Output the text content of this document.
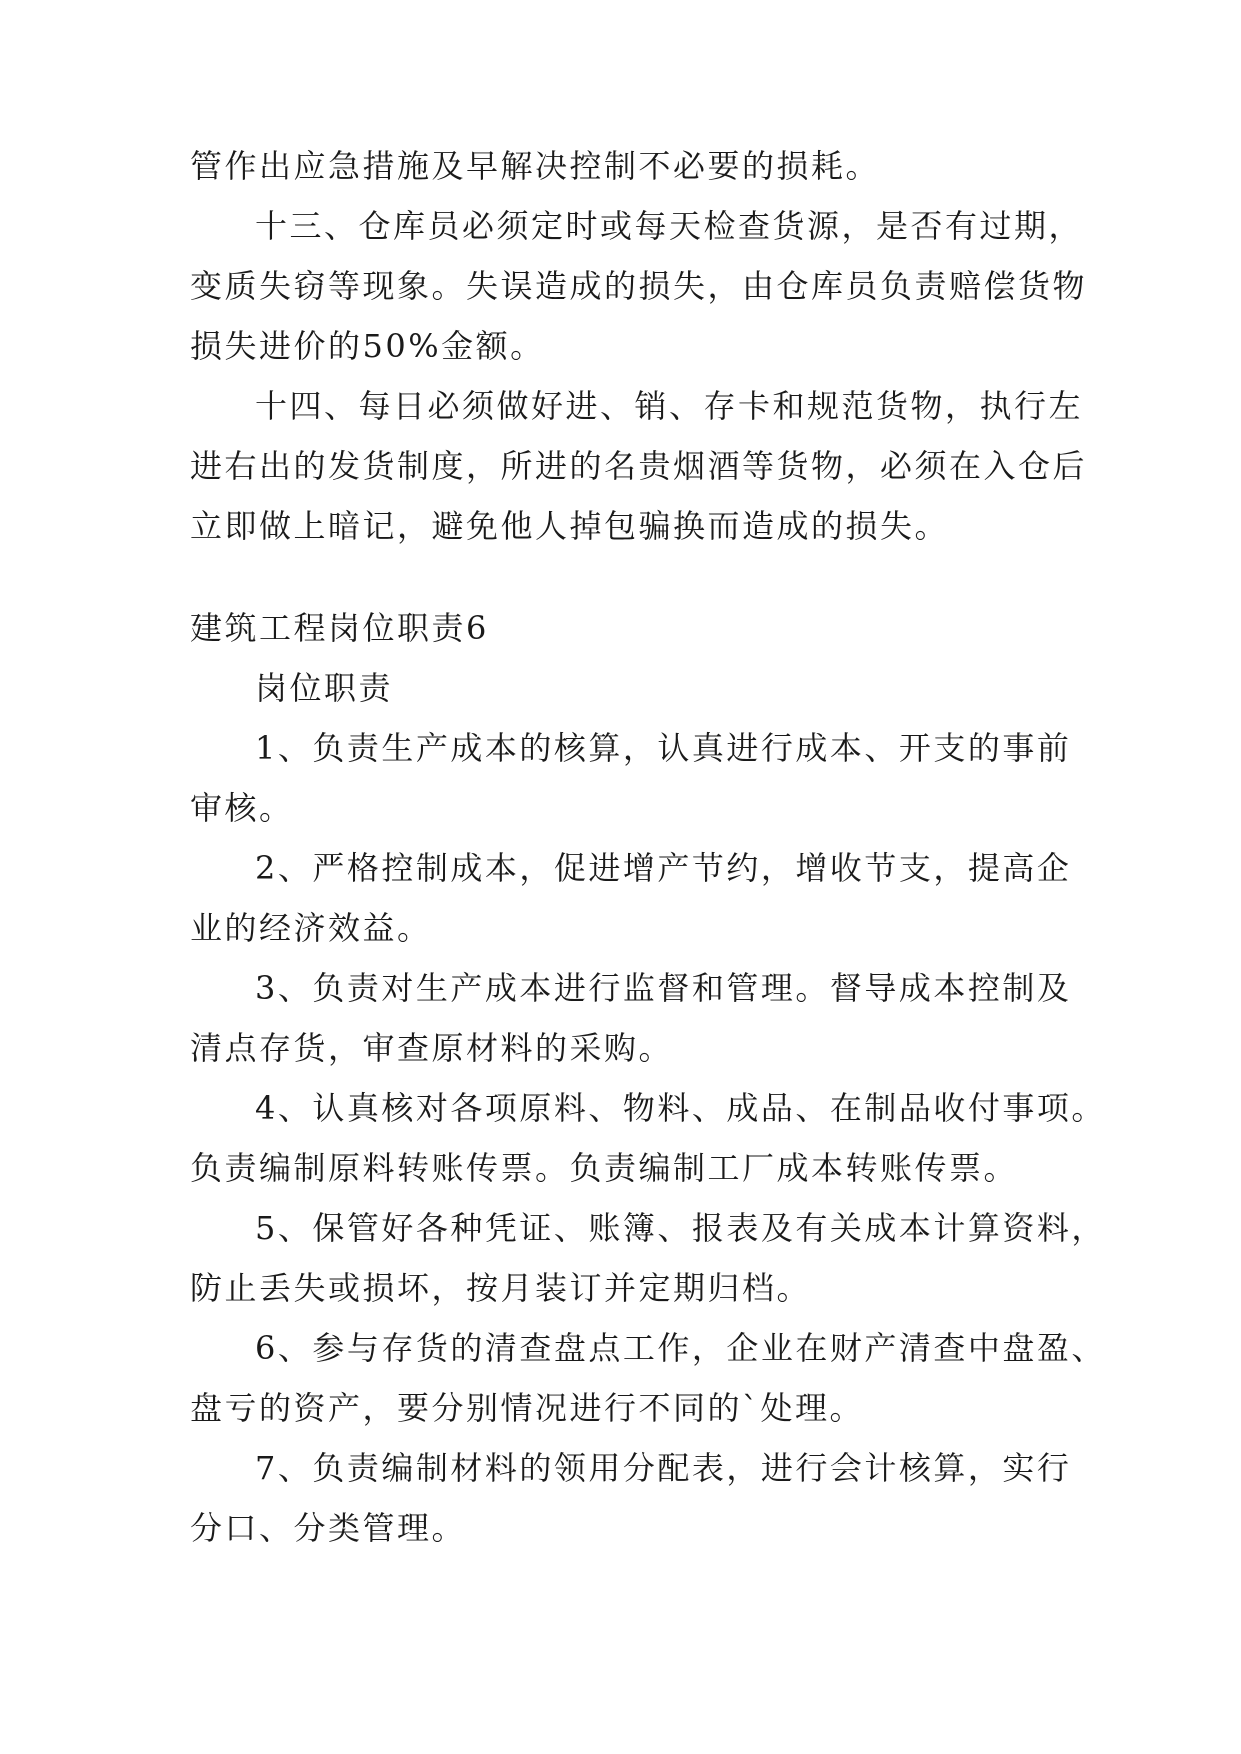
管作出应急措施及早解决控制不必要的损耗。
十三、仓库员必须定时或每天检查货源，是否有过期，
变质失窃等现象。失误造成的损失，由仓库员负责赔偿货物
损失进价的50%金额。
十四、每日必须做好进、销、存卡和规范货物，执行左
进右出的发货制度，所进的名贵烟酒等货物，必须在入仓后
立即做上暗记，避免他人掉包骗换而造成的损失。
建筑工程岗位职责6
岗位职责
1、负责生产成本的核算，认真进行成本、开支的事前
审核。
2、严格控制成本，促进增产节约，增收节支，提高企
业的经济效益。
3、负责对生产成本进行监督和管理。督导成本控制及
清点存货，审查原材料的采购。
4、认真核对各项原料、物料、成品、在制品收付事项。
负责编制原料转账传票。负责编制工厂成本转账传票。
5、保管好各种凭证、账簿、报表及有关成本计算资料，
防止丢失或损坏，按月装订并定期归档。
6、参与存货的清查盘点工作，企业在财产清查中盘盈、
盘亏的资产，要分别情况进行不同的`处理。
7、负责编制材料的领用分配表，进行会计核算，实行
分口、分类管理。
